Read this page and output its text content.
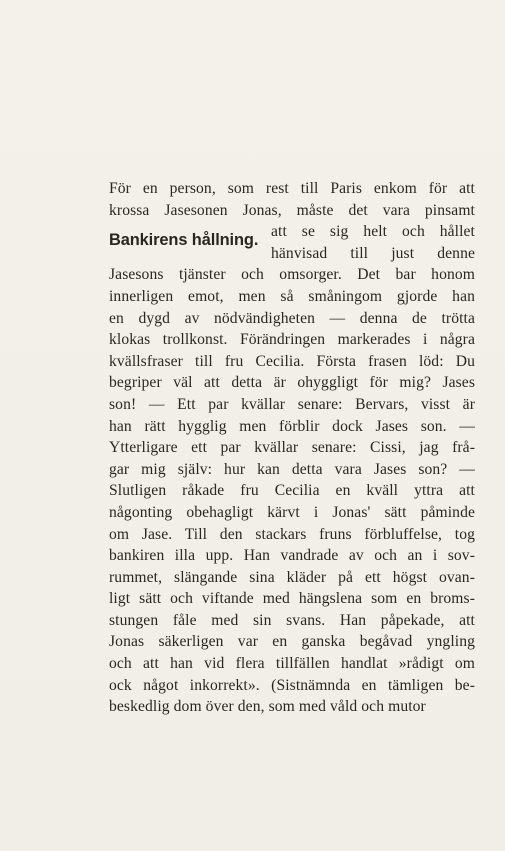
För en person, som rest till Paris enkom för att
krossa Jasesonen Jonas, måste det vara pinsamt
Bankirens hållning. att se sig helt och hållet
hänvisad till just denne
Jasesons tjänster och omsorger. Det bar honom
innerligen emot, men så småningom gjorde han
en dygd av nödvändigheten — denna de trötta
klokas trollkonst. Förändringen markerades i några
kvällsfraser till fru Cecilia. Första frasen löd: Du
begriper väl att detta är ohyggligt för mig? Jases
son! — Ett par kvällar senare: Bervars, visst är
han rätt hygglig men förblir dock Jases son. —
Ytterligare ett par kvällar senare: Cissi, jag frå-
gar mig själv: hur kan detta vara Jases son? —
Slutligen råkade fru Cecilia en kväll yttra att
någonting obehagligt kärvt i Jonas' sätt påminde
om Jase. Till den stackars fruns förbluffelse, tog
bankiren illa upp. Han vandrade av och an i sov-
rummet, slängande sina kläder på ett högst ovan-
ligt sätt och viftande med hängslena som en broms-
stungen fåle med sin svans. Han påpekade, att
Jonas säkerligen var en ganska begåvad yngling
och att han vid flera tillfällen handlat »rådigt om
ock något inkorrekt». (Sistnämnda en tämligen be-
beskedlig dom över den, som med våld och mutor
